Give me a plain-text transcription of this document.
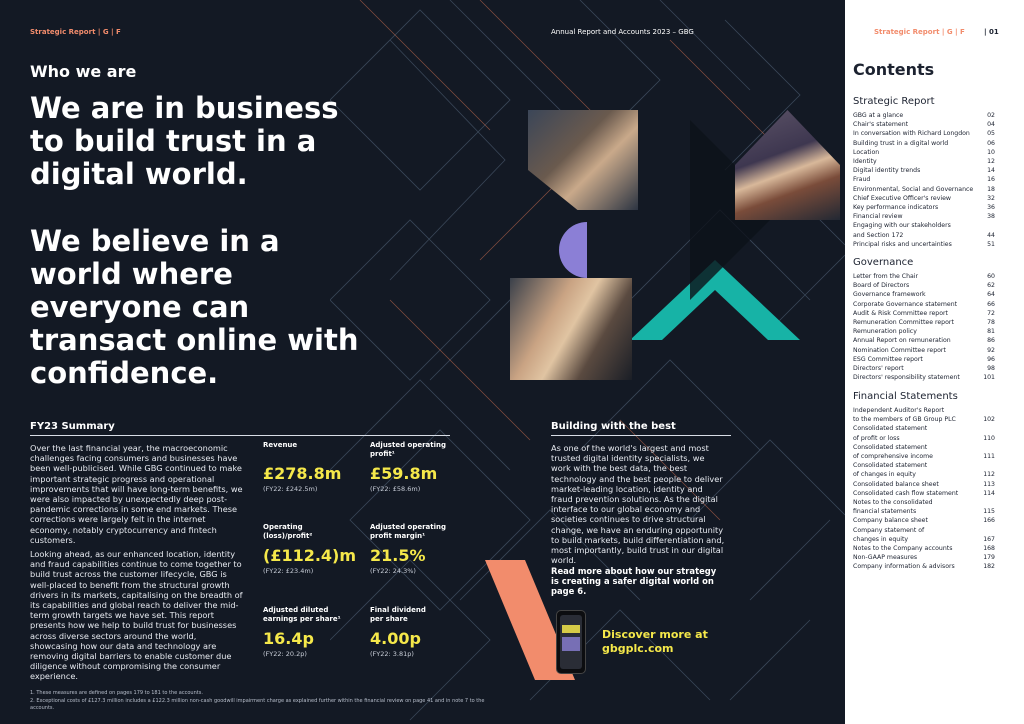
Strategic Report | G | F	Annual Report and Accounts 2023 – GBG
Who we are
We are in business to build trust in a digital world.
We believe in a world where everyone can transact online with confidence.
FY23 Summary
Over the last financial year, the macroeconomic challenges facing consumers and businesses have been well-publicised. While GBG continued to make important strategic progress and operational improvements that will have long-term benefits, we were also impacted by unexpectedly deep post-pandemic corrections in some end markets. These corrections were largely felt in the internet economy, notably cryptocurrency and fintech customers.
Looking ahead, as our enhanced location, identity and fraud capabilities continue to come together to build trust across the customer lifecycle, GBG is well-placed to benefit from the structural growth drivers in its markets, capitalising on the breadth of its capabilities and global reach to deliver the mid-term growth targets we have set. This report presents how we help to build trust for businesses across diverse sectors around the world, showcasing how our data and technology are removing digital barriers to enable customer due diligence without compromising the consumer experience.
Revenue
£278.8m
(FY22: £242.5m)
Adjusted operating profit¹
£59.8m
(FY22: £58.6m)
Operating (loss)/profit²
(£112.4)m
(FY22: £23.4m)
Adjusted operating profit margin¹
21.5%
(FY22: 24.3%)
Adjusted diluted earnings per share¹
16.4p
(FY22: 20.2p)
Final dividend per share
4.00p
(FY22: 3.81p)
1. These measures are defined on pages 179 to 181 to the accounts.
2. Exceptional costs of £127.3 million includes a £122.3 million non-cash goodwill impairment charge as explained further within the financial review on page 41 and in note 7 to the accounts.
Building with the best
As one of the world's largest and most trusted digital identity specialists, we work with the best data, the best technology and the best people to deliver market-leading location, identity and fraud prevention solutions. As the digital interface to our global economy and societies continues to drive structural change, we have an enduring opportunity to build markets, build differentiation and, most importantly, build trust in our digital world.
Read more about how our strategy is creating a safer digital world on page 6.
Discover more at gbgplc.com
Strategic Report | G | F	| 01
Contents
Strategic Report
GBG at a glance	02
Chair's statement	04
In conversation with Richard Longdon	05
Building trust in a digital world	06
Location	10
Identity	12
Digital identity trends	14
Fraud	16
Environmental, Social and Governance 18
Chief Executive Officer's review	32
Key performance indicators	36
Financial review	38
Engaging with our stakeholders
and Section 172	44
Principal risks and uncertainties	51
Governance
Letter from the Chair	60
Board of Directors	62
Governance framework	64
Corporate Governance statement	66
Audit & Risk Committee report	72
Remuneration Committee report	78
Remuneration policy	81
Annual Report on remuneration	86
Nomination Committee report	92
ESG Committee report	96
Directors' report	98
Directors' responsibility statement	101
Financial Statements
Independent Auditor's Report
to the members of GB Group PLC	102
Consolidated statement
of profit or loss	110
Consolidated statement
of comprehensive income	111
Consolidated statement
of changes in equity	112
Consolidated balance sheet	113
Consolidated cash flow statement	114
Notes to the consolidated
financial statements	115
Company balance sheet	166
Company statement of
changes in equity	167
Notes to the Company accounts	168
Non-GAAP measures	179
Company information & advisors	182
